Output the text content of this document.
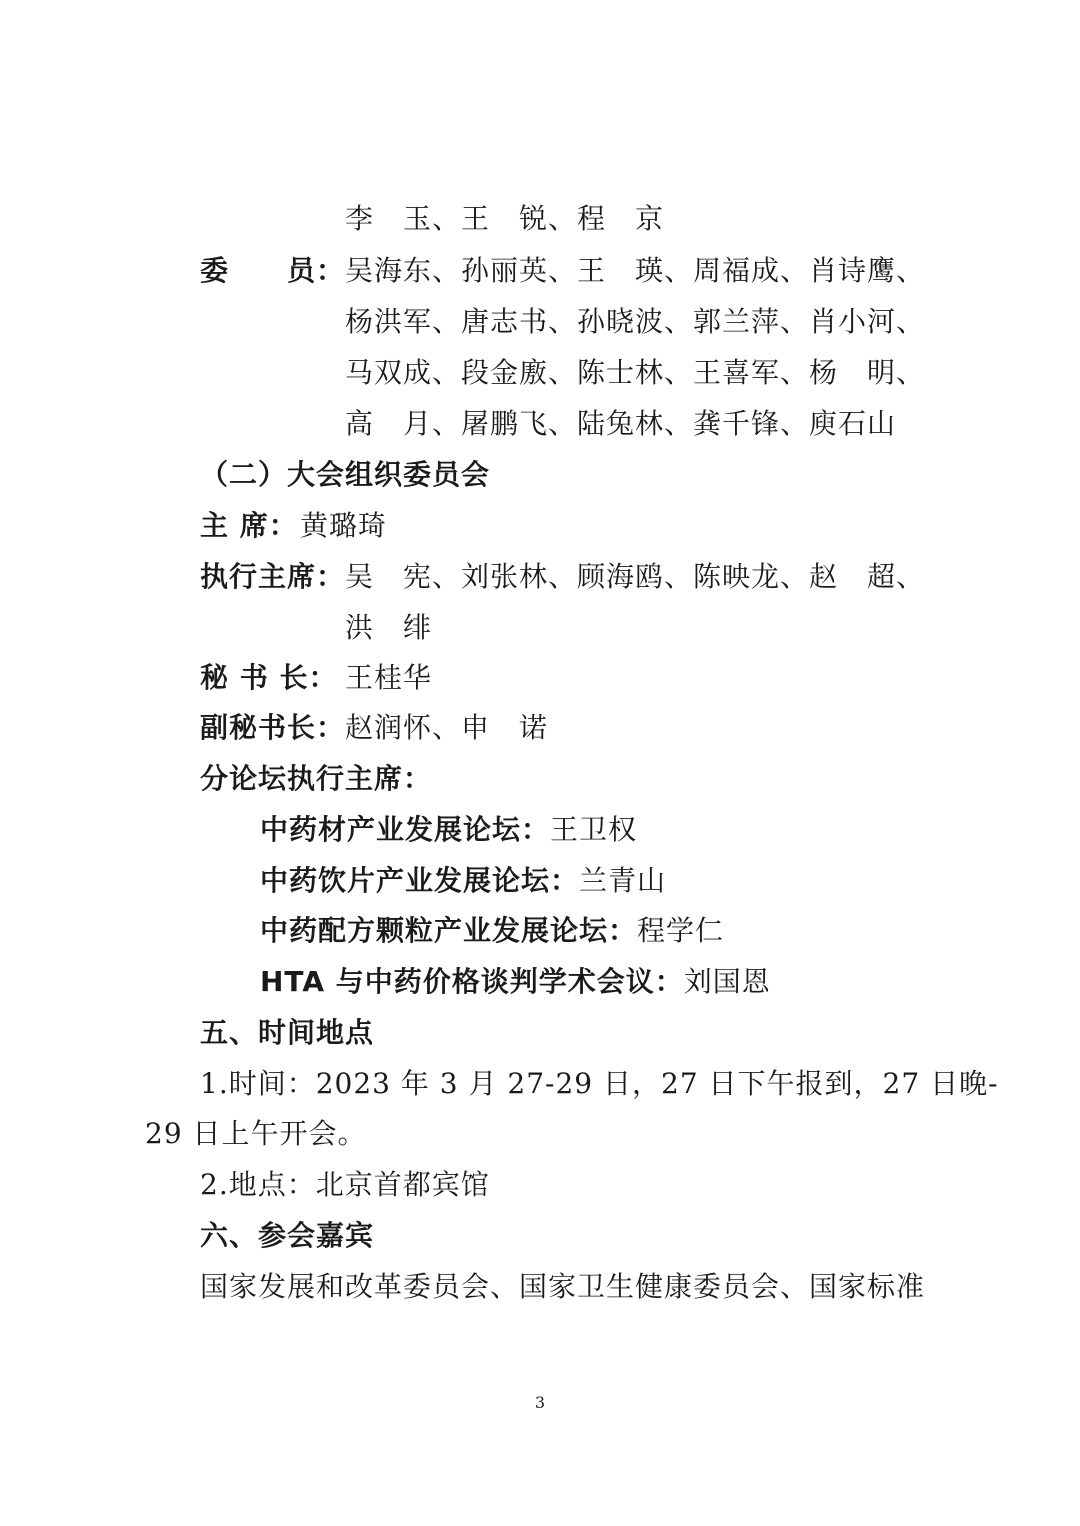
李　玉、王　锐、程　京
委　　员： 吴海东、孙丽英、王　瑛、周福成、肖诗鹰、
杨洪军、唐志书、孙晓波、郭兰萍、肖小河、
马双成、段金廒、陈士林、王喜军、杨　明、
高　月、屠鹏飞、陆兔林、龚千锋、庾石山
（二）大会组织委员会
主 席： 黄璐琦
执行主席： 吴　宪、刘张林、顾海鸥、陈映龙、赵　超、
洪　绯
秘 书 长： 王桂华
副秘书长： 赵润怀、申　诺
分论坛执行主席：
中药材产业发展论坛：王卫权
中药饮片产业发展论坛：兰青山
中药配方颗粒产业发展论坛：程学仁
HTA 与中药价格谈判学术会议：刘国恩
五、时间地点
1.时间：2023 年 3 月 27-29 日，27 日下午报到，27 日晚-
29 日上午开会。
2.地点：北京首都宾馆
六、参会嘉宾
国家发展和改革委员会、国家卫生健康委员会、国家标准
3
